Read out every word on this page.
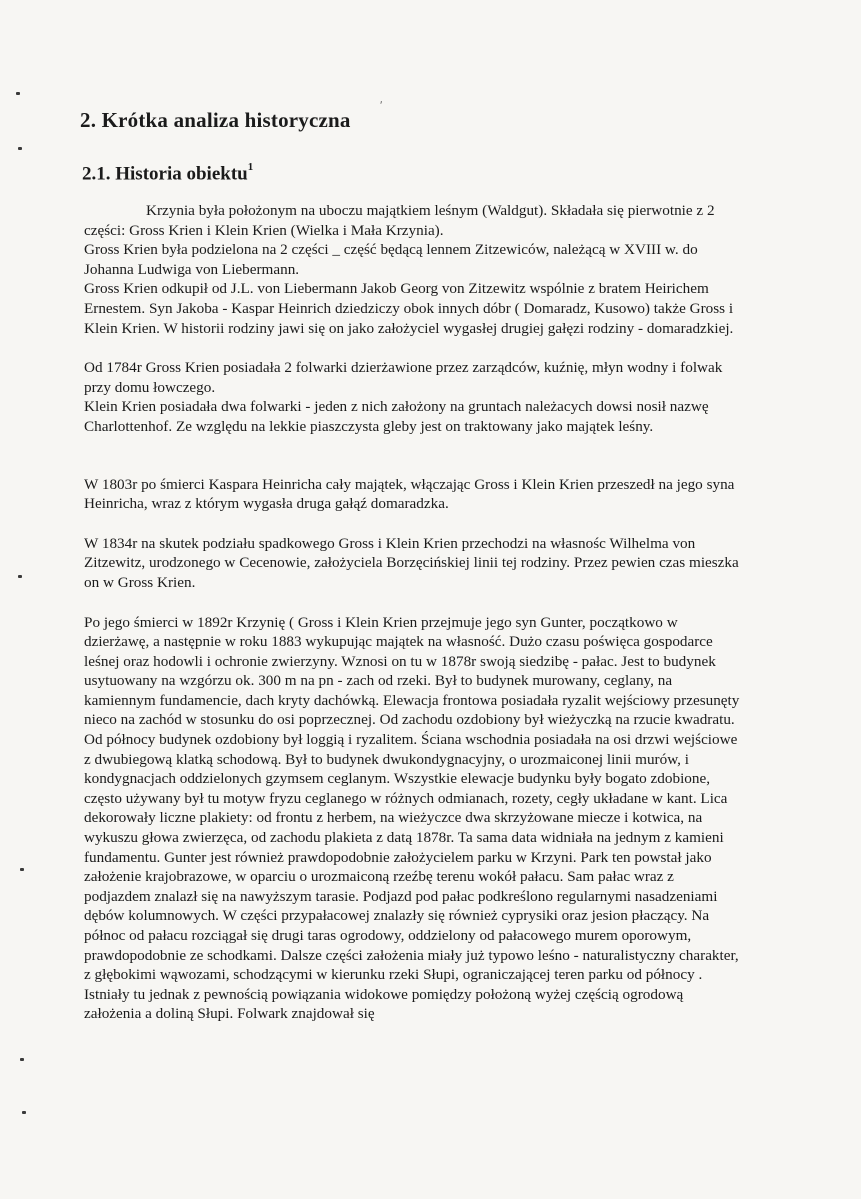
ʹ
2. Krótka analiza historyczna
2.1. Historia obiektu$^1$

Krzynia była położonym na uboczu majątkiem leśnym (Waldgut). Składała się pierwotnie z 2 części: Gross Krien i Klein Krien (Wielka i Mała Krzynia).

Gross Krien była podzielona na 2 części _ część będącą lennem Zitzewiców, należącą w XVIII w. do Johanna Ludwiga von Liebermann.

Gross Krien odkupił od J.L. von Liebermann Jakob Georg von Zitzewitz wspólnie z bratem Heirichem Ernestem. Syn Jakoba - Kaspar Heinrich dziedziczy obok innych dóbr ( Domaradz, Kusowo) także Gross i Klein Krien. W historii rodziny jawi się on jako założyciel wygasłej drugiej gałęzi rodziny - domaradzkiej.

Od 1784r Gross Krien posiadała 2 folwarki dzierżawione przez zarządców, kuźnię, młyn wodny i folwak przy domu łowczego.

Klein Krien posiadała dwa folwarki - jeden z nich założony na gruntach należacych dowsi nosił nazwę Charlottenhof. Ze względu na lekkie piaszczysta gleby jest on traktowany jako majątek leśny.

W 1803r po śmierci Kaspara Heinricha cały majątek, włączając Gross i Klein Krien przeszedł na jego syna Heinricha, wraz z którym wygasła druga gałąź domaradzka.

W 1834r na skutek podziału spadkowego Gross i Klein Krien przechodzi na własnośc Wilhelma von Zitzewitz, urodzonego w Cecenowie, założyciela Borzęcińskiej linii tej rodziny. Przez pewien czas mieszka on w Gross Krien.

Po jego śmierci w 1892r Krzynię ( Gross i Klein Krien przejmuje jego syn Gunter, początkowo w dzierżawę, a następnie w roku 1883 wykupując majątek na własność. Dużo czasu poświęca gospodarce leśnej oraz hodowli i ochronie zwierzyny. Wznosi on tu w 1878r swoją siedzibę - pałac. Jest to budynek usytuowany na wzgórzu ok. 300 m na pn - zach od rzeki. Był to budynek murowany, ceglany, na kamiennym fundamencie, dach kryty dachówką. Elewacja frontowa posiadała ryzalit wejściowy przesunęty nieco na zachód w stosunku do osi poprzecznej. Od zachodu ozdobiony był wieżyczką na rzucie kwadratu. Od północy budynek ozdobiony był loggią i ryzalitem. Ściana wschodnia posiadała na osi drzwi wejściowe z dwubiegową klatką schodową. Był to budynek dwukondygnacyjny, o urozmaiconej linii murów, i kondygnacjach oddzielonych gzymsem ceglanym. Wszystkie elewacje budynku były bogato zdobione, często używany był tu motyw fryzu ceglanego w różnych odmianach, rozety, cegły układane w kant. Lica dekorowały liczne plakiety: od frontu z herbem, na wieżyczce dwa skrzyżowane miecze i kotwica, na wykuszu głowa zwierzęca, od zachodu plakieta z datą 1878r. Ta sama data widniała na jednym z kamieni fundamentu. Gunter jest również prawdopodobnie założycielem parku w Krzyni. Park ten powstał jako założenie krajobrazowe, w oparciu o urozmaiconą rzeźbę terenu wokół pałacu. Sam pałac wraz z podjazdem znalazł się na nawyższym tarasie. Podjazd pod pałac podkreślono regularnymi nasadzeniami dębów kolumnowych. W części przypałacowej znalazły się również cyprysiki oraz jesion płaczący. Na północ od pałacu rozciągał się drugi taras ogrodowy, oddzielony od pałacowego murem oporowym, prawdopodobnie ze schodkami. Dalsze części założenia miały już typowo leśno - naturalistyczny charakter, z głębokimi wąwozami, schodzącymi w kierunku rzeki Słupi, ograniczającej teren parku od północy . Istniały tu jednak z pewnością powiązania widokowe pomiędzy położoną wyżej częścią ogrodową założenia a doliną Słupi. Folwark znajdował się
